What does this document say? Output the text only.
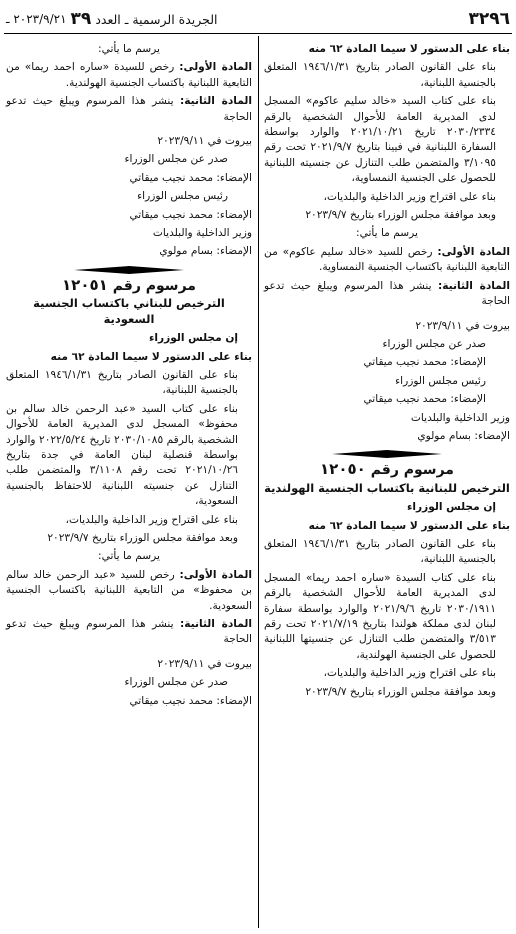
٣٢٩٦
الجريدة الرسمية ـ العدد
٣٩
٢٠٢٣/٩/٢١ ـ

بناء على الدستور لا سيما المادة ٦٢ منه

بناء على القانون الصادر بتاريخ ١٩٤٦/١/٣١ المتعلق بالجنسية اللبنانية،

بناء على كتاب السيد «خالد سليم عاكوم» المسجل لدى المديرية العامة للأحوال الشخصية بالرقم ٢٠٣٠/٢٣٣٤ تاريخ ٢٠٢١/١٠/٢١ والوارد بواسطة السفارة اللبنانية في فيينا بتاريخ ٢٠٢١/٩/٧ تحت رقم ٣/١٠٩٥ والمتضمن طلب التنازل عن جنسيته اللبنانية للحصول على الجنسية النمساوية،

بناء على اقتراح وزير الداخلية والبلديات،

وبعد موافقة مجلس الوزراء بتاريخ ٢٠٢٣/٩/٧

يرسم ما يأتي:

المادة الأولى: رخص للسيد «خالد سليم عاكوم» من التابعية اللبنانية باكتساب الجنسية النمساوية.

المادة الثانية: ينشر هذا المرسوم ويبلغ حيث تدعو الحاجة

بيروت في ٢٠٢٣/٩/١١

صدر عن مجلس الوزراء

الإمضاء: محمد نجيب ميقاتي

رئيس مجلس الوزراء

الإمضاء: محمد نجيب ميقاتي

وزير الداخلية والبلديات

الإمضاء: بسام مولوي

مرسوم رقم ١٢٠٥٠
الترخيص للبنانية باكتساب الجنسية الهولندية

إن مجلس الوزراء

بناء على الدستور لا سيما المادة ٦٢ منه

بناء على القانون الصادر بتاريخ ١٩٤٦/١/٣١ المتعلق بالجنسية اللبنانية،

بناء على كتاب السيدة «ساره احمد ريما» المسجل لدى المديرية العامة للأحوال الشخصية بالرقم ٢٠٣٠/١٩١١ تاريخ ٢٠٢١/٩/٦ والوارد بواسطة سفارة لبنان لدى مملكة هولندا بتاريخ ٢٠٢١/٧/١٩ تحت رقم ٣/٥١٣ والمتضمن طلب التنازل عن جنسيتها اللبنانية للحصول على الجنسية الهولندية،

بناء على اقتراح وزير الداخلية والبلديات،

وبعد موافقة مجلس الوزراء بتاريخ ٢٠٢٣/٩/٧

يرسم ما يأتي:

المادة الأولى: رخص للسيدة «ساره احمد ريما» من التابعية اللبنانية باكتساب الجنسية الهولندية.

المادة الثانية: ينشر هذا المرسوم ويبلغ حيث تدعو الحاجة

بيروت في ٢٠٢٣/٩/١١

صدر عن مجلس الوزراء

الإمضاء: محمد نجيب ميقاتي

رئيس مجلس الوزراء

الإمضاء: محمد نجيب ميقاتي

وزير الداخلية والبلديات

الإمضاء: بسام مولوي

مرسوم رقم ١٢٠٥١
الترخيص للبناني باكتساب الجنسية السعودية

إن مجلس الوزراء

بناء على الدستور لا سيما المادة ٦٢ منه

بناء على القانون الصادر بتاريخ ١٩٤٦/١/٣١ المتعلق بالجنسية اللبنانية،

بناء على كتاب السيد «عبد الرحمن خالد سالم بن محفوظ» المسجل لدى المديرية العامة للأحوال الشخصية بالرقم ٢٠٣٠/١٠٨٥ تاريخ ٢٠٢٢/٥/٢٤ والوارد بواسطة قنصلية لبنان العامة في جدة بتاريخ ٢٠٢١/١٠/٢٦ تحت رقم ٣/١١٠٨ والمتضمن طلب التنازل عن جنسيته اللبنانية للاحتفاظ بالجنسية السعودية،

بناء على اقتراح وزير الداخلية والبلديات،

وبعد موافقة مجلس الوزراء بتاريخ ٢٠٢٣/٩/٧

يرسم ما يأتي:

المادة الأولى: رخص للسيد «عبد الرحمن خالد سالم بن محفوظ» من التابعية اللبنانية باكتساب الجنسية السعودية.

المادة الثانية: ينشر هذا المرسوم ويبلغ حيث تدعو الحاجة

بيروت في ٢٠٢٣/٩/١١

صدر عن مجلس الوزراء

الإمضاء: محمد نجيب ميقاتي
